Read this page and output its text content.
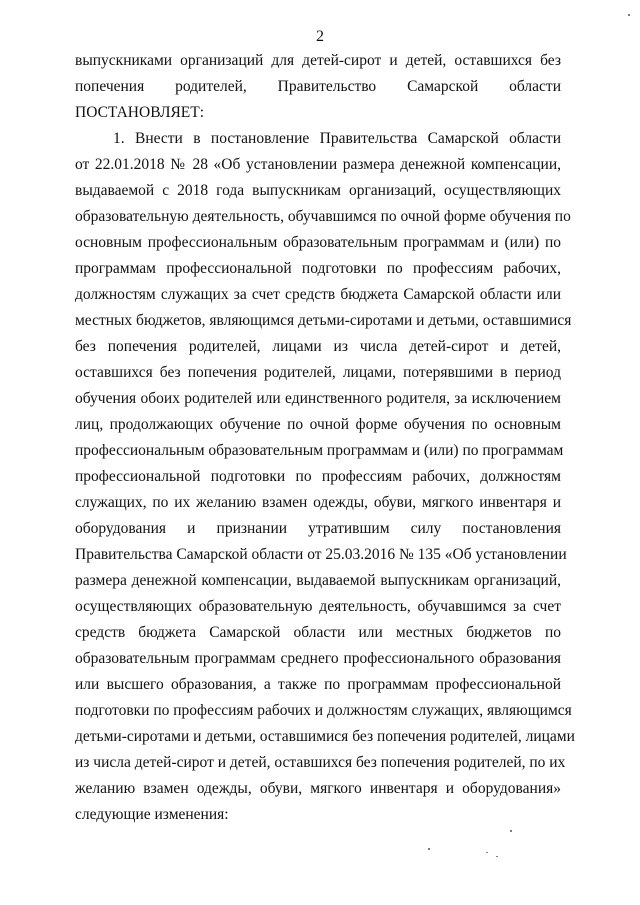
2
выпускниками организаций для детей-сирот и детей, оставшихся без
попечения родителей, Правительство Самарской области
ПОСТАНОВЛЯЕТ:
1. Внести в постановление Правительства Самарской области
от 22.01.2018 № 28 «Об установлении размера денежной компенсации,
выдаваемой с 2018 года выпускникам организаций, осуществляющих
образовательную деятельность, обучавшимся по очной форме обучения по
основным профессиональным образовательным программам и (или) по
программам профессиональной подготовки по профессиям рабочих,
должностям служащих за счет средств бюджета Самарской области или
местных бюджетов, являющимся детьми-сиротами и детьми, оставшимися
без попечения родителей, лицами из числа детей-сирот и детей,
оставшихся без попечения родителей, лицами, потерявшими в период
обучения обоих родителей или единственного родителя, за исключением
лиц, продолжающих обучение по очной форме обучения по основным
профессиональным образовательным программам и (или) по программам
профессиональной подготовки по профессиям рабочих, должностям
служащих, по их желанию взамен одежды, обуви, мягкого инвентаря и
оборудования и признании утратившим силу постановления
Правительства Самарской области от 25.03.2016 № 135 «Об установлении
размера денежной компенсации, выдаваемой выпускникам организаций,
осуществляющих образовательную деятельность, обучавшимся за счет
средств бюджета Самарской области или местных бюджетов по
образовательным программам среднего профессионального образования
или высшего образования, а также по программам профессиональной
подготовки по профессиям рабочих и должностям служащих, являющимся
детьми-сиротами и детьми, оставшимися без попечения родителей, лицами
из числа детей-сирот и детей, оставшихся без попечения родителей, по их
желанию взамен одежды, обуви, мягкого инвентаря и оборудования»
следующие изменения:
